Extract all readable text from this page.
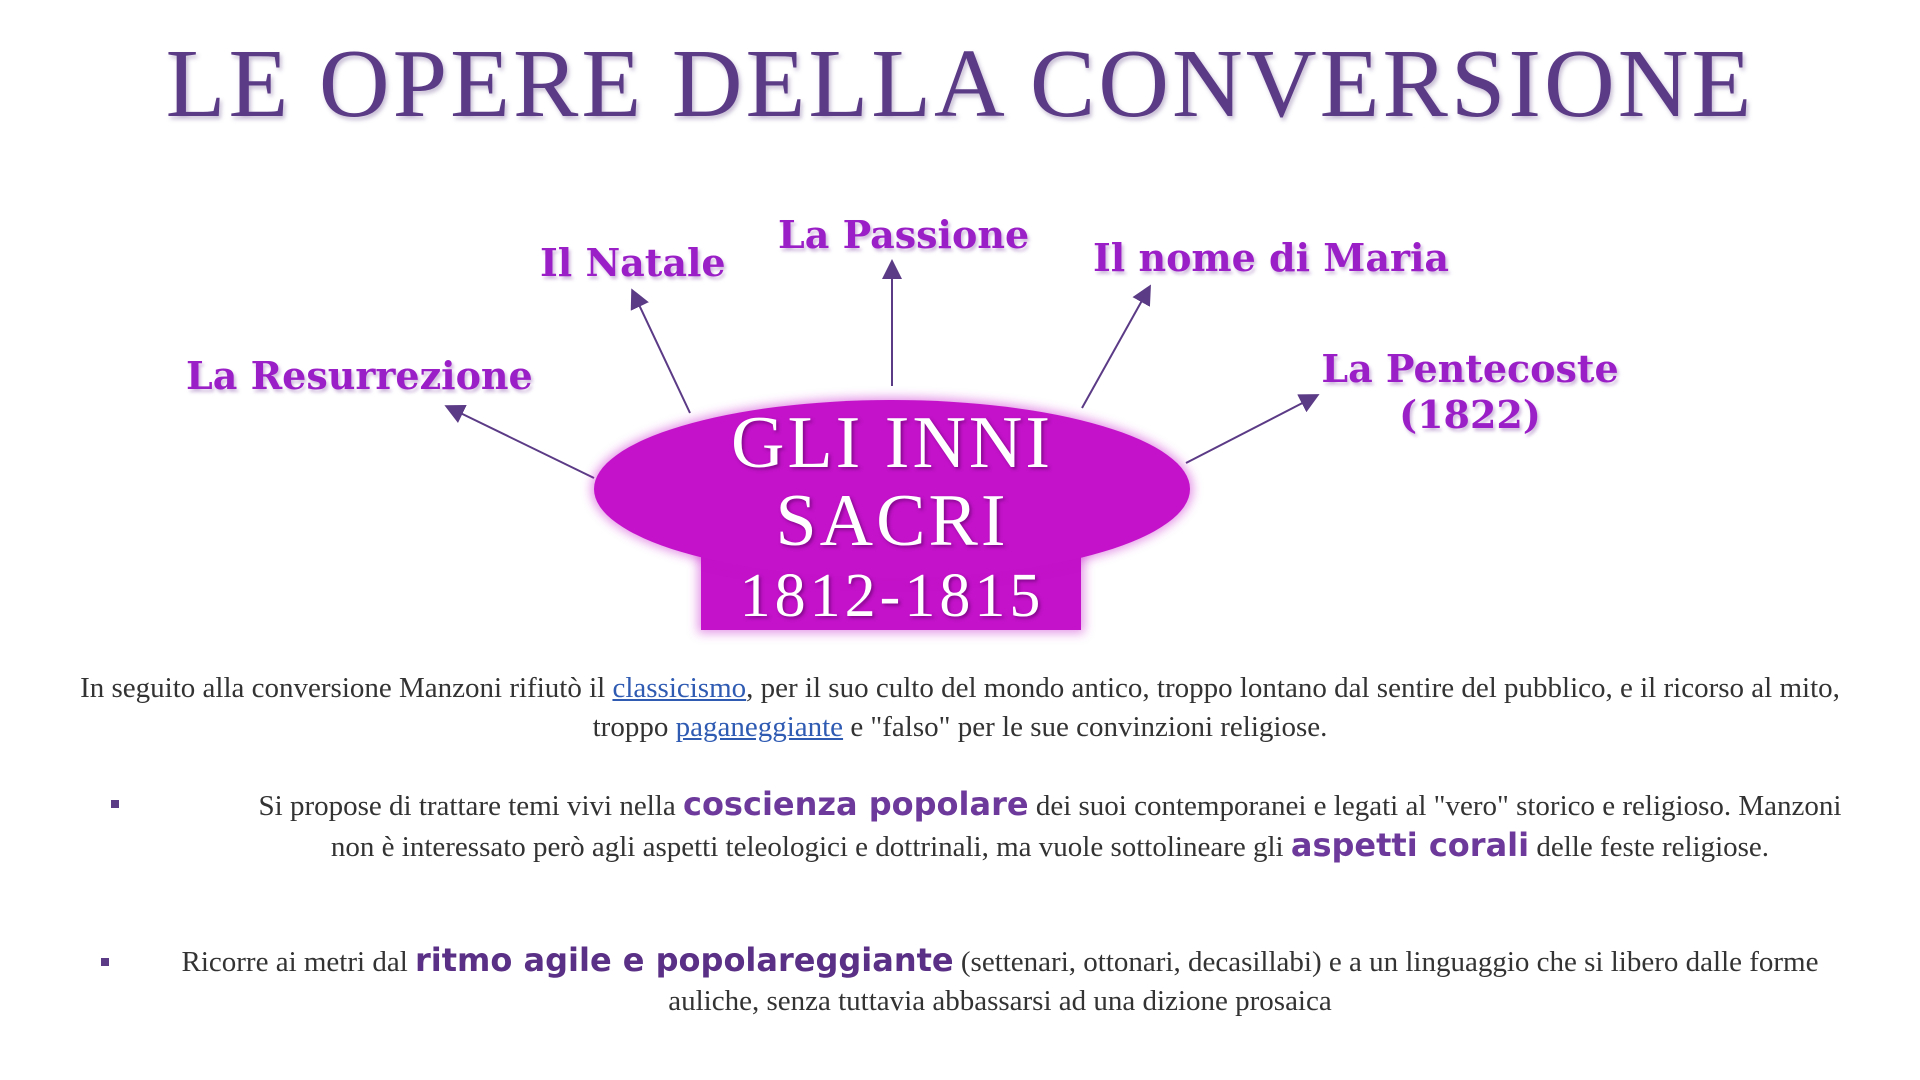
LE OPERE DELLA CONVERSIONE
La Resurrezione
Il Natale
La Passione
Il nome di Maria
La Pentecoste
(1822)
GLI INNI
SACRI
1812-1815
In seguito alla conversione Manzoni rifiutò il classicismo, per il suo culto del mondo antico, troppo lontano dal sentire del pubblico, e il ricorso al mito, troppo paganeggiante e "falso" per le sue convinzioni religiose.
Si propose di trattare temi vivi nella coscienza popolare dei suoi contemporanei e legati al "vero" storico e religioso. Manzoni non è interessato però agli aspetti teleologici e dottrinali, ma vuole sottolineare gli aspetti corali delle feste religiose.
Ricorre ai metri dal ritmo agile e popolareggiante (settenari, ottonari, decasillabi) e a un linguaggio che si libero dalle forme auliche, senza tuttavia abbassarsi ad una dizione prosaica
